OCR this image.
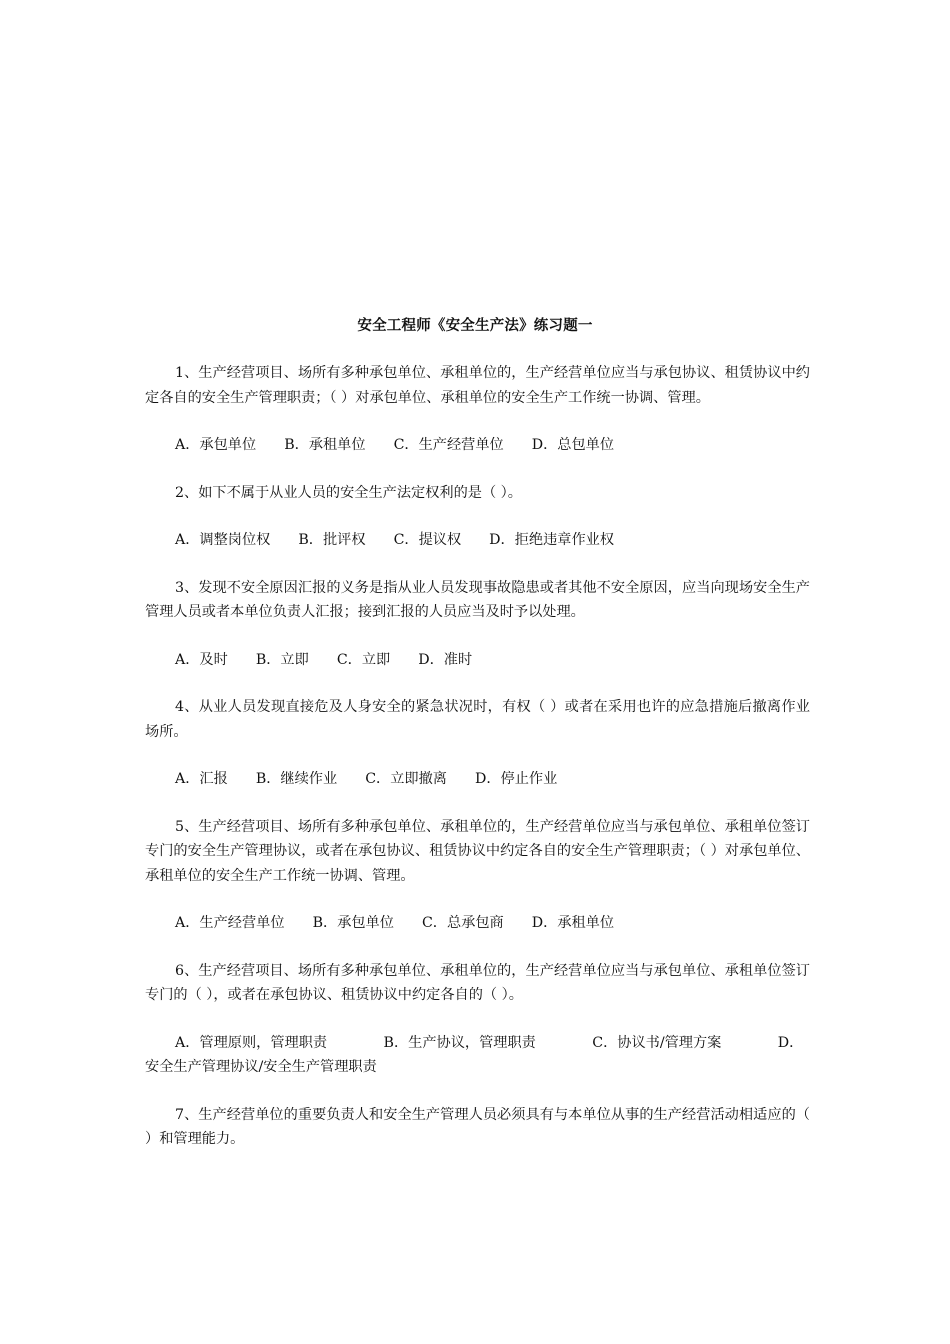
安全工程师《安全生产法》练习题一

1、生产经营项目、场所有多种承包单位、承租单位的，生产经营单位应当与承包协议、租赁协议中约定各自的安全生产管理职责；（ ）对承包单位、承租单位的安全生产工作统一协调、管理。

A．承包单位 B．承租单位 C．生产经营单位 D．总包单位

2、如下不属于从业人员的安全生产法定权利的是（ ）。

A．调整岗位权 B．批评权 C．提议权 D．拒绝违章作业权

3、发现不安全原因汇报的义务是指从业人员发现事故隐患或者其他不安全原因，应当向现场安全生产管理人员或者本单位负责人汇报；接到汇报的人员应当及时予以处理。

A．及时 B．立即 C．立即 D．准时

4、从业人员发现直接危及人身安全的紧急状况时，有权（ ）或者在采用也许的应急措施后撤离作业场所。

A．汇报 B．继续作业 C．立即撤离 D．停止作业

5、生产经营项目、场所有多种承包单位、承租单位的，生产经营单位应当与承包单位、承租单位签订专门的安全生产管理协议，或者在承包协议、租赁协议中约定各自的安全生产管理职责；（ ）对承包单位、承租单位的安全生产工作统一协调、管理。

A．生产经营单位 B．承包单位 C．总承包商 D．承租单位

6、生产经营项目、场所有多种承包单位、承租单位的，生产经营单位应当与承包单位、承租单位签订专门的（ ），或者在承包协议、租赁协议中约定各自的（ ）。

A．管理原则，管理职责　　	B．生产协议，管理职责　　	C．协议书/管理方案　　	D．安全生产管理协议/安全生产管理职责

7、生产经营单位的重要负责人和安全生产管理人员必须具有与本单位从事的生产经营活动相适应的（ ）和管理能力。
